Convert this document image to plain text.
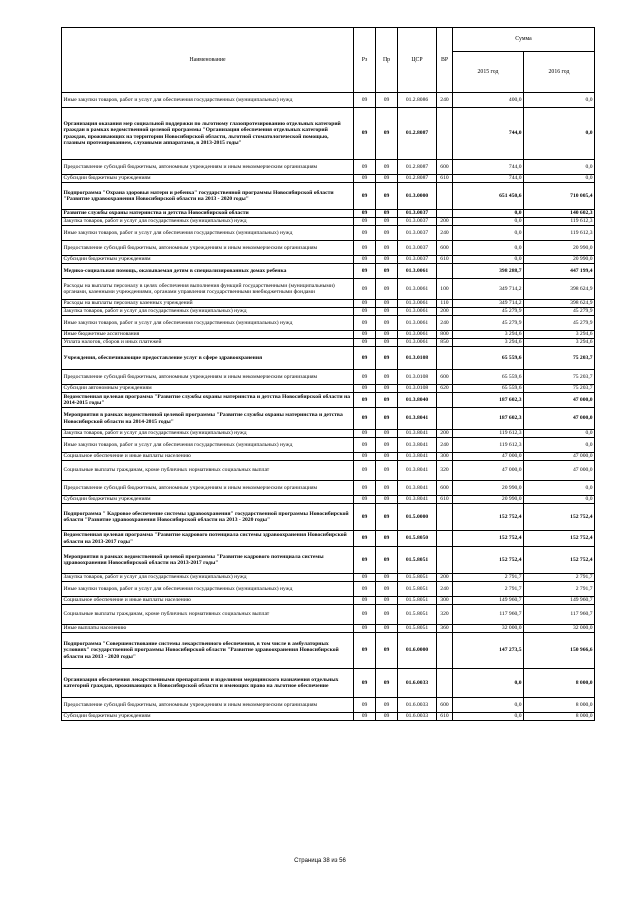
Наименование	Рз	Пр	ЦСР	ВР	Сумма	
					2015 год	2016 год
Иные закупки товаров, работ и услуг для обеспечения государственных (муниципальных) нужд	09	09	01.2.8086	240	400,0	0,0
Организация оказания мер социальной поддержки по льготному глазопротезированию отдельных категорий граждан в рамках ведомственной целевой программы "Организация обеспечения отдельных категорий граждан, проживающих на территории Новосибирской области, льготной стоматологической помощью, глазным протезированием, слуховыми аппаратами, в 2013-2015 годы"	09	09	01.2.8087		744,0	0,0
Предоставление субсидий бюджетным, автономным учреждениям и иным некоммерческим организациям	09	09	01.2.8087	600	744,0	0,0
Субсидии бюджетным учреждениям	09	09	01.2.8087	610	744,0	0,0
Подпрограмма "Охрана здоровья матери и ребенка" государственной программы Новосибирской области "Развитие здравоохранения Новосибирской области на 2013 - 2020 годы"	09	09	01.3.0000		651 450,6	710 005,4
Развитие службы охраны материнства и детства Новосибирской области	09	09	01.3.0037		0,0	140 602,3
Закупка товаров, работ и услуг для государственных (муниципальных) нужд	09	09	01.3.0037	200	0,0	119 612,3
Иные закупки товаров, работ и услуг для обеспечения государственных (муниципальных) нужд	09	09	01.3.0037	240	0,0	119 612,3
Предоставление субсидий бюджетным, автономным учреждениям и иным некоммерческим организациям	09	09	01.3.0037	600	0,0	20 990,0
Субсидии бюджетным учреждениям	09	09	01.3.0037	610	0,0	20 990,0
Медико-социальная помощь, оказываемая детям в специализированных домах ребенка	09	09	01.3.0061		398 288,7	447 199,4
Расходы на выплаты персоналу в целях обеспечения выполнения функций государственными (муниципальными) органами, казенными учреждениями, органами управления государственными внебюджетными фондами	09	09	01.3.0061	100	349 714,2	398 624,9
Расходы на выплаты персоналу казенных учреждений	09	09	01.3.0061	110	349 714,2	398 624,9
Закупка товаров, работ и услуг для государственных (муниципальных) нужд	09	09	01.3.0061	200	45 279,9	45 279,9
Иные закупки товаров, работ и услуг для обеспечения государственных (муниципальных) нужд	09	09	01.3.0061	240	45 279,9	45 279,9
Иные бюджетные ассигнования	09	09	01.3.0061	800	3 294,6	3 294,6
Уплата налогов, сборов и иных платежей	09	09	01.3.0061	850	3 294,6	3 294,6
Учреждения, обеспечивающие предоставление услуг в сфере здравоохранения	09	09	01.3.0108		65 559,6	75 203,7
Предоставление субсидий бюджетным, автономным учреждениям и иным некоммерческим организациям	09	09	01.3.0108	600	65 559,6	75 203,7
Субсидии автономным учреждениям	09	09	01.3.0108	620	65 559,6	75 203,7
Ведомственная целевая программа "Развитие службы охраны материнства и детства Новосибирской области на 2014-2015 годы"	09	09	01.3.8040		187 602,3	47 000,0
Мероприятия в рамках ведомственной целевой программы "Развитие службы охраны материнства и детства Новосибирской области на 2014-2015 годы"	09	09	01.3.8041		187 602,3	47 000,0
Закупка товаров, работ и услуг для государственных (муниципальных) нужд	09	09	01.3.8041	200	119 612,3	0,0
Иные закупки товаров, работ и услуг для обеспечения государственных (муниципальных) нужд	09	09	01.3.8041	240	119 612,3	0,0
Социальное обеспечение и иные выплаты населению	09	09	01.3.8041	300	47 000,0	47 000,0
Социальные выплаты гражданам, кроме публичных нормативных социальных выплат	09	09	01.3.8041	320	47 000,0	47 000,0
Предоставление субсидий бюджетным, автономным учреждениям и иным некоммерческим организациям	09	09	01.3.8041	600	20 990,0	0,0
Субсидии бюджетным учреждениям	09	09	01.3.8041	610	20 990,0	0,0
Подпрограмма " Кадровое обеспечение системы здравоохранения" государственной программы Новосибирской области "Развитие здравоохранения Новосибирской области на 2013 - 2020 годы"	09	09	01.5.0000		152 752,4	152 752,4
Ведомственная целевая программа "Развитие кадрового потенциала системы здравоохранения Новосибирской области на 2013-2017 годы"	09	09	01.5.8050		152 752,4	152 752,4
Мероприятия в рамках ведомственной целевой программы "Развитие кадрового потенциала системы здравоохранения Новосибирской области на 2013-2017 годы"	09	09	01.5.8051		152 752,4	152 752,4
Закупка товаров, работ и услуг для государственных (муниципальных) нужд	09	09	01.5.8051	200	2 791,7	2 791,7
Иные закупки товаров, работ и услуг для обеспечения государственных (муниципальных) нужд	09	09	01.5.8051	240	2 791,7	2 791,7
Социальное обеспечение и иные выплаты населению	09	09	01.5.8051	300	149 960,7	149 960,7
Социальные выплаты гражданам, кроме публичных нормативных социальных выплат	09	09	01.5.8051	320	117 960,7	117 960,7
Иные выплаты населению	09	09	01.5.8051	360	32 000,0	32 000,0
Подпрограмма "Совершенствование системы лекарственного обеспечения, в том числе в амбулаторных условиях" государственной программы Новосибирской области "Развитие здравоохранения Новосибирской области на 2013 - 2020 годы"	09	09	01.6.0000		147 273,5	150 966,6
Организация обеспечения лекарственными препаратами и изделиями медицинского назначения отдельных категорий граждан, проживающих в Новосибирской области и имеющих право на льготное обеспечение	09	09	01.6.0033		0,0	8 000,0
Предоставление субсидий бюджетным, автономным учреждениям и иным некоммерческим организациям	09	09	01.6.0033	600	0,0	8 000,0
Субсидии бюджетным учреждениям	09	09	01.6.0033	610	0,0	8 000,0
Страница 38 из 56
